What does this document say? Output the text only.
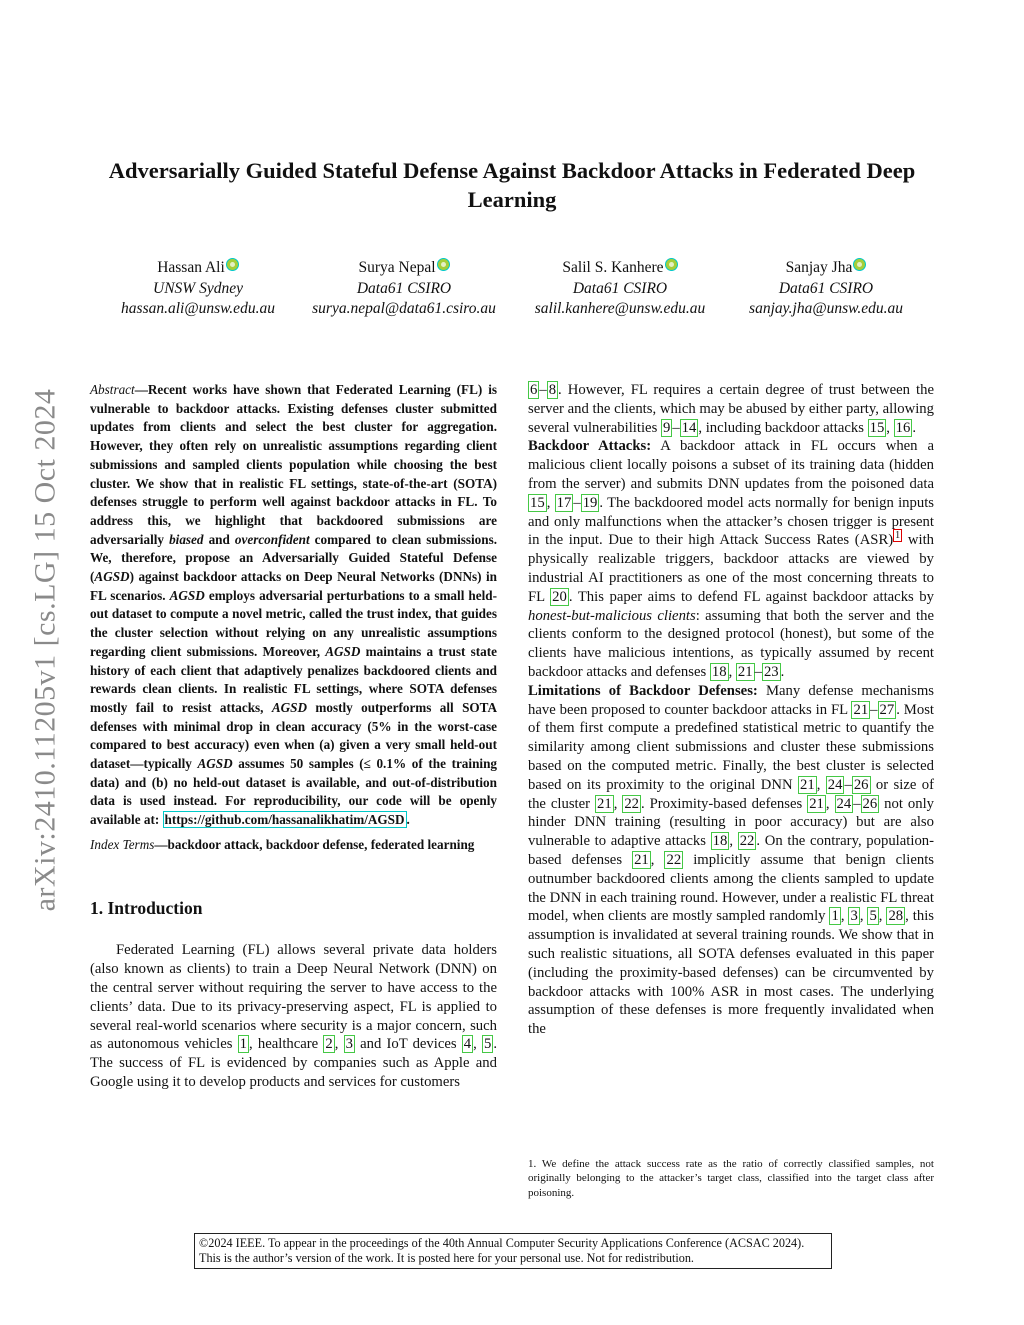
arXiv:2410.11205v1 [cs.LG] 15 Oct 2024
Adversarially Guided Stateful Defense Against Backdoor Attacks in Federated Deep Learning
Hassan Ali
UNSW Sydney
hassan.ali@unsw.edu.au
Surya Nepal
Data61 CSIRO
surya.nepal@data61.csiro.au
Salil S. Kanhere
Data61 CSIRO
salil.kanhere@unsw.edu.au
Sanjay Jha
Data61 CSIRO
sanjay.jha@unsw.edu.au

Abstract—Recent works have shown that Federated Learning (FL) is vulnerable to backdoor attacks. Existing defenses cluster submitted updates from clients and select the best cluster for aggregation. However, they often rely on unrealistic assumptions regarding client submissions and sampled clients population while choosing the best cluster. We show that in realistic FL settings, state-of-the-art (SOTA) defenses struggle to perform well against backdoor attacks in FL. To address this, we highlight that backdoored submissions are adversarially biased and overconfident compared to clean submissions. We, therefore, propose an Adversarially Guided Stateful Defense (AGSD) against backdoor attacks on Deep Neural Networks (DNNs) in FL scenarios. AGSD employs adversarial perturbations to a small held-out dataset to compute a novel metric, called the trust index, that guides the cluster selection without relying on any unrealistic assumptions regarding client submissions. Moreover, AGSD maintains a trust state history of each client that adaptively penalizes backdoored clients and rewards clean clients. In realistic FL settings, where SOTA defenses mostly fail to resist attacks, AGSD mostly outperforms all SOTA defenses with minimal drop in clean accuracy (5% in the worst-case compared to best accuracy) even when (a) given a very small held-out dataset—typically AGSD assumes 50 samples (≤ 0.1% of the training data) and (b) no held-out dataset is available, and out-of-distribution data is used instead. For reproducibility, our code will be openly available at: https://github.com/hassanalikhatim/AGSD .

Index Terms—backdoor attack, backdoor defense, federated learning

1. Introduction

Federated Learning (FL) allows several private data holders (also known as clients) to train a Deep Neural Network (DNN) on the central server without requiring the server to have access to the clients’ data. Due to its privacy-preserving aspect, FL is applied to several real-world scenarios where security is a major concern, such as autonomous vehicles 1 , healthcare 2 , 3 and IoT devices 4 , 5 . The success of FL is evidenced by companies such as Apple and Google using it to develop products and services for customers

6 – 8 . However, FL requires a certain degree of trust between the server and the clients, which may be abused by either party, allowing several vulnerabilities 9 – 14 , including backdoor attacks 15 , 16 .

Backdoor Attacks: A backdoor attack in FL occurs when a malicious client locally poisons a subset of its training data (hidden from the server) and submits DNN updates from the poisoned data 15 , 17 – 19 . The backdoored model acts normally for benign inputs and only malfunctions when the attacker’s chosen trigger is present in the input. Due to their high Attack Success Rates (ASR) $^1$ with physically realizable triggers, backdoor attacks are viewed by industrial AI practitioners as one of the most concerning threats to FL 20 . This paper aims to defend FL against backdoor attacks by honest-but-malicious clients: assuming that both the server and the clients conform to the designed protocol (honest), but some of the clients have malicious intentions, as typically assumed by recent backdoor attacks and defenses 18 , 21 – 23 .

Limitations of Backdoor Defenses: Many defense mechanisms have been proposed to counter backdoor attacks in FL 21 – 27 . Most of them first compute a predefined statistical metric to quantify the similarity among client submissions and cluster these submissions based on the computed metric. Finally, the best cluster is selected based on its proximity to the original DNN 21 , 24 – 26 or size of the cluster 21 , 22 . Proximity-based defenses 21 , 24 – 26 not only hinder DNN training (resulting in poor accuracy) but are also vulnerable to adaptive attacks 18 , 22 . On the contrary, population-based defenses 21 , 22 implicitly assume that benign clients outnumber backdoored clients among the clients sampled to update the DNN in each training round. However, under a realistic FL threat model, when clients are mostly sampled randomly 1 , 3 , 5 , 28 , this assumption is invalidated at several training rounds. We show that in such realistic situations, all SOTA defenses evaluated in this paper (including the proximity-based defenses) can be circumvented by backdoor attacks with 100% ASR in most cases. The underlying assumption of these defenses is more frequently invalidated when the

1. We define the attack success rate as the ratio of correctly classified samples, not originally belonging to the attacker’s target class, classified into the target class after poisoning.
©2024 IEEE. To appear in the proceedings of the 40th Annual Computer Security Applications Conference (ACSAC 2024). This is the author’s version of the work. It is posted here for your personal use. Not for redistribution.
